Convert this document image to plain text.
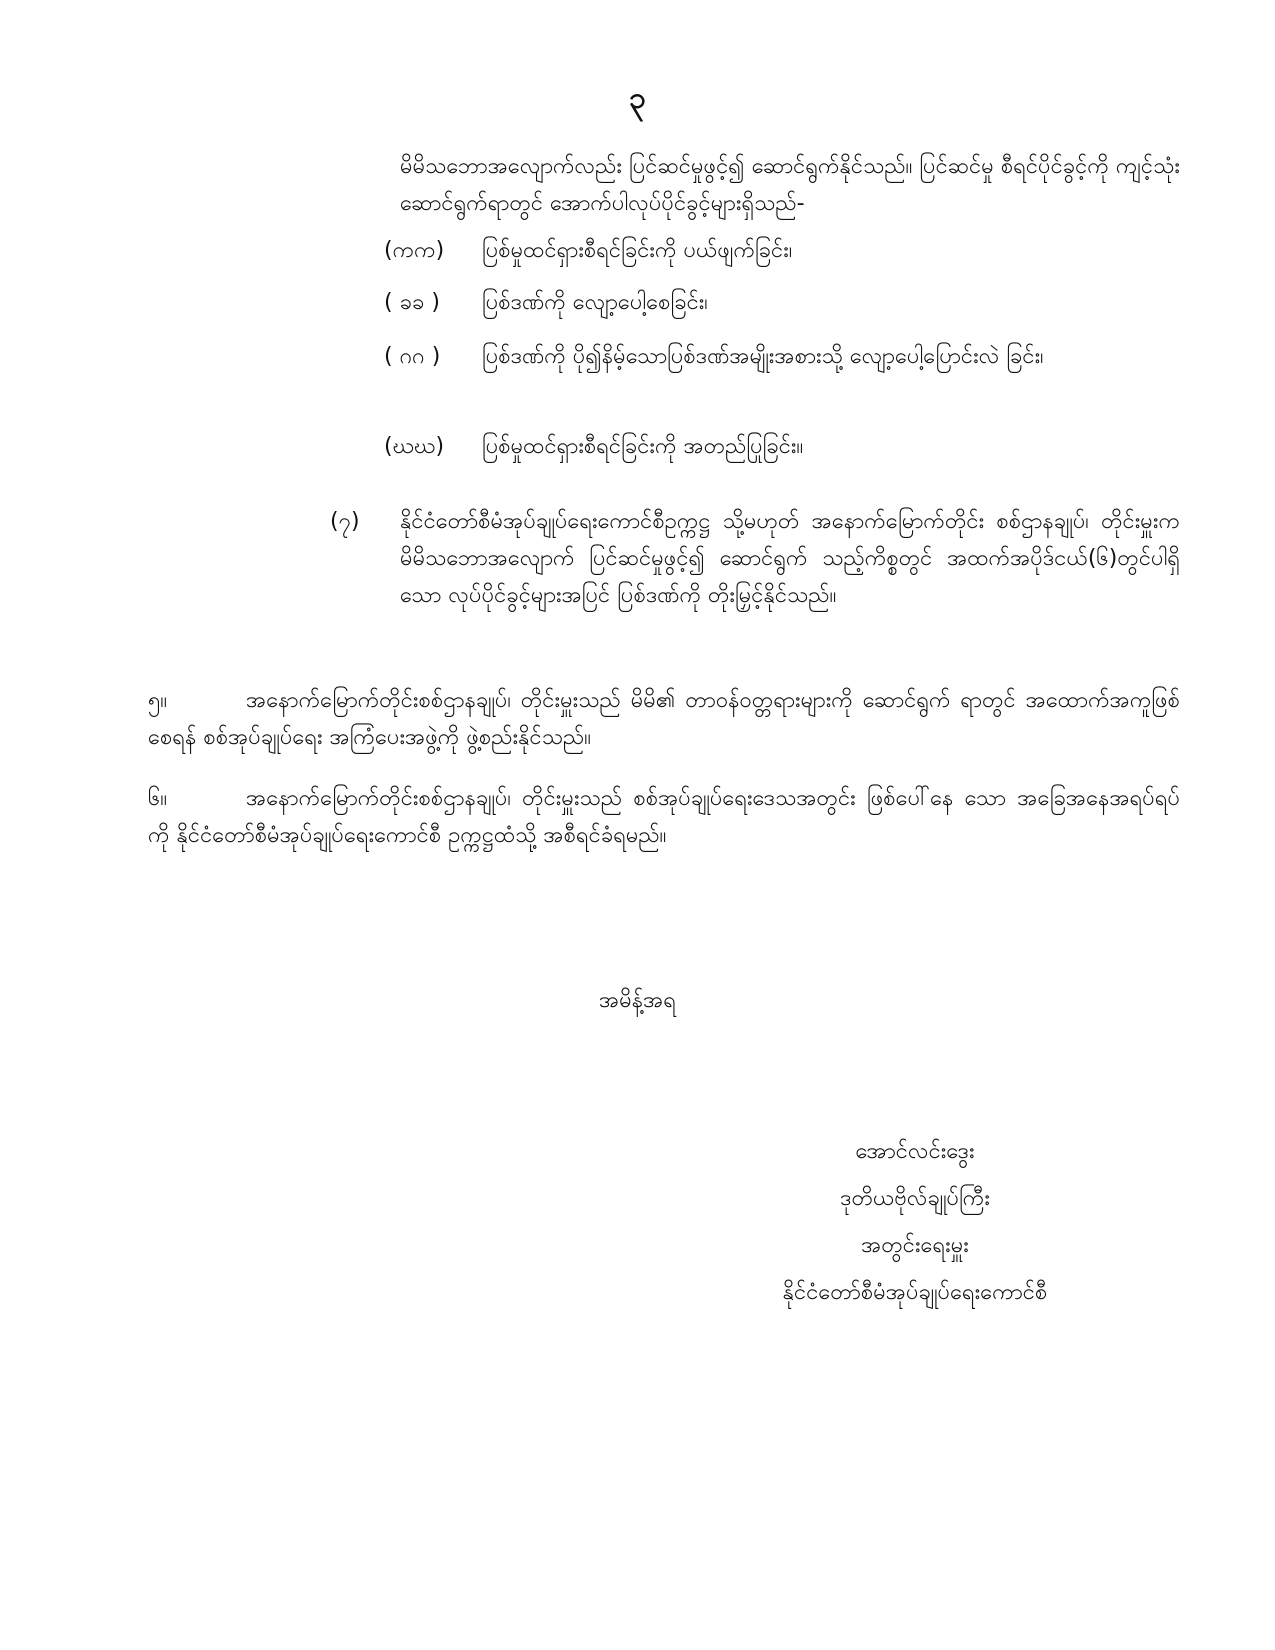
၃
မိမိသဘောအလျောက်လည်း ပြင်ဆင်မှုဖွင့်၍ ဆောင်ရွက်နိုင်သည်။ ပြင်ဆင်မှု စီရင်ပိုင်ခွင့်ကို ကျင့်သုံးဆောင်ရွက်ရာတွင် အောက်ပါလုပ်ပိုင်ခွင့်များရှိသည်-
(ကက) ပြစ်မှုထင်ရှားစီရင်ခြင်းကို ပယ်ဖျက်ခြင်း၊
( ခခ ) ပြစ်ဒဏ်ကို လျော့ပေါ့စေခြင်း၊
( ဂဂ ) ပြစ်ဒဏ်ကို ပို၍နိမ့်သောပြစ်ဒဏ်အမျိုးအစားသို့ လျော့ပေါ့ပြောင်းလဲ ခြင်း၊
(ဃဃ) ပြစ်မှုထင်ရှားစီရင်ခြင်းကို အတည်ပြုခြင်း။
(၇) နိုင်ငံတော်စီမံအုပ်ချုပ်ရေးကောင်စီဥက္ကဋ္ဌ သို့မဟုတ် အနောက်မြောက်တိုင်း စစ်ဌာနချုပ်၊ တိုင်းမှူးက မိမိသဘောအလျောက် ပြင်ဆင်မှုဖွင့်၍ ဆောင်ရွက် သည့်ကိစ္စတွင် အထက်အပိုဒ်ငယ်(၆)တွင်ပါရှိသော လုပ်ပိုင်ခွင့်များအပြင် ပြစ်ဒဏ်ကို တိုးမြှင့်နိုင်သည်။
၅။	အနောက်မြောက်တိုင်းစစ်ဌာနချုပ်၊ တိုင်းမှူးသည် မိမိ၏ တာဝန်ဝတ္တရားများကို ဆောင်ရွက် ရာတွင် အထောက်အကူဖြစ်စေရန် စစ်အုပ်ချုပ်ရေး အကြံပေးအဖွဲ့ကို ဖွဲ့စည်းနိုင်သည်။
၆။	အနောက်မြောက်တိုင်းစစ်ဌာနချုပ်၊ တိုင်းမှူးသည် စစ်အုပ်ချုပ်ရေးဒေသအတွင်း ဖြစ်ပေါ်နေ သော အခြေအနေအရပ်ရပ်ကို နိုင်ငံတော်စီမံအုပ်ချုပ်ရေးကောင်စီ ဥက္ကဋ္ဌထံသို့ အစီရင်ခံရမည်။
အမိန့်အရ
အောင်လင်းဒွေး
ဒုတိယဗိုလ်ချုပ်ကြီး
အတွင်းရေးမှူး
နိုင်ငံတော်စီမံအုပ်ချုပ်ရေးကောင်စီ
